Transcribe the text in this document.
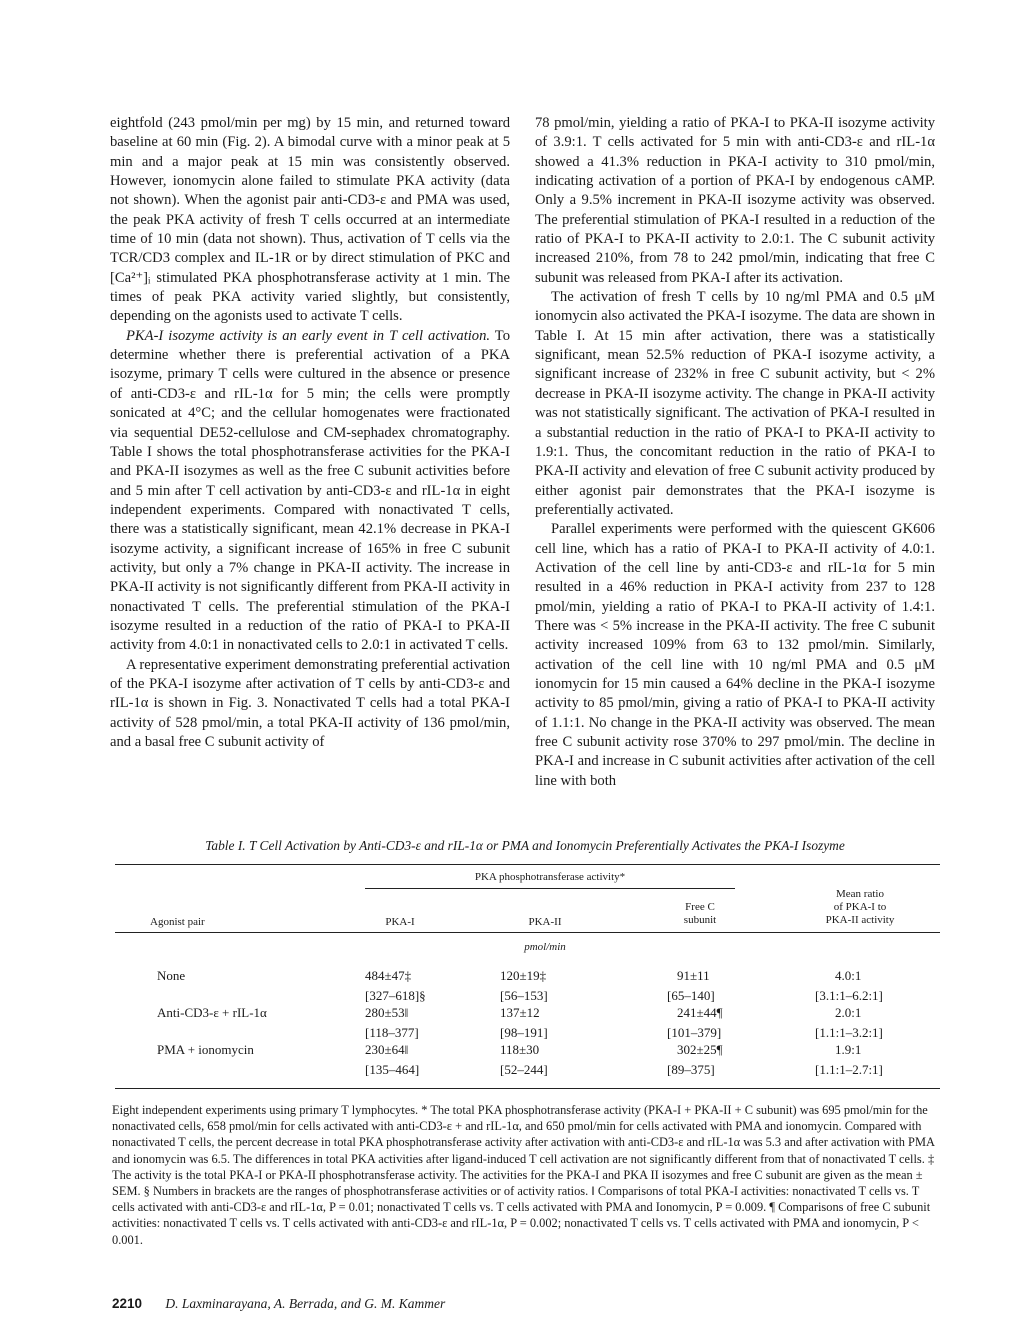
eightfold (243 pmol/min per mg) by 15 min, and returned toward baseline at 60 min (Fig. 2). A bimodal curve with a minor peak at 5 min and a major peak at 15 min was consistently observed. However, ionomycin alone failed to stimulate PKA activity (data not shown). When the agonist pair anti-CD3-ε and PMA was used, the peak PKA activity of fresh T cells occurred at an intermediate time of 10 min (data not shown). Thus, activation of T cells via the TCR/CD3 complex and IL-1R or by direct stimulation of PKC and [Ca²⁺]ᵢ stimulated PKA phosphotransferase activity at 1 min. The times of peak PKA activity varied slightly, but consistently, depending on the agonists used to activate T cells.

PKA-I isozyme activity is an early event in T cell activation. To determine whether there is preferential activation of a PKA isozyme, primary T cells were cultured in the absence or presence of anti-CD3-ε and rIL-1α for 5 min; the cells were promptly sonicated at 4°C; and the cellular homogenates were fractionated via sequential DE52-cellulose and CM-sephadex chromatography. Table I shows the total phosphotransferase activities for the PKA-I and PKA-II isozymes as well as the free C subunit activities before and 5 min after T cell activation by anti-CD3-ε and rIL-1α in eight independent experiments. Compared with nonactivated T cells, there was a statistically significant, mean 42.1% decrease in PKA-I isozyme activity, a significant increase of 165% in free C subunit activity, but only a 7% change in PKA-II activity. The increase in PKA-II activity is not significantly different from PKA-II activity in nonactivated T cells. The preferential stimulation of the PKA-I isozyme resulted in a reduction of the ratio of PKA-I to PKA-II activity from 4.0:1 in nonactivated cells to 2.0:1 in activated T cells.

A representative experiment demonstrating preferential activation of the PKA-I isozyme after activation of T cells by anti-CD3-ε and rIL-1α is shown in Fig. 3. Nonactivated T cells had a total PKA-I activity of 528 pmol/min, a total PKA-II activity of 136 pmol/min, and a basal free C subunit activity of

78 pmol/min, yielding a ratio of PKA-I to PKA-II isozyme activity of 3.9:1. T cells activated for 5 min with anti-CD3-ε and rIL-1α showed a 41.3% reduction in PKA-I activity to 310 pmol/min, indicating activation of a portion of PKA-I by endogenous cAMP. Only a 9.5% increment in PKA-II isozyme activity was observed. The preferential stimulation of PKA-I resulted in a reduction of the ratio of PKA-I to PKA-II activity to 2.0:1. The C subunit activity increased 210%, from 78 to 242 pmol/min, indicating that free C subunit was released from PKA-I after its activation.

The activation of fresh T cells by 10 ng/ml PMA and 0.5 μM ionomycin also activated the PKA-I isozyme. The data are shown in Table I. At 15 min after activation, there was a statistically significant, mean 52.5% reduction of PKA-I isozyme activity, a significant increase of 232% in free C subunit activity, but < 2% decrease in PKA-II isozyme activity. The change in PKA-II activity was not statistically significant. The activation of PKA-I resulted in a substantial reduction in the ratio of PKA-I to PKA-II activity to 1.9:1. Thus, the concomitant reduction in the ratio of PKA-I to PKA-II activity and elevation of free C subunit activity produced by either agonist pair demonstrates that the PKA-I isozyme is preferentially activated.

Parallel experiments were performed with the quiescent GK606 cell line, which has a ratio of PKA-I to PKA-II activity of 4.0:1. Activation of the cell line by anti-CD3-ε and rIL-1α for 5 min resulted in a 46% reduction in PKA-I activity from 237 to 128 pmol/min, yielding a ratio of PKA-I to PKA-II activity of 1.4:1. There was < 5% increase in the PKA-II activity. The free C subunit activity increased 109% from 63 to 132 pmol/min. Similarly, activation of the cell line with 10 ng/ml PMA and 0.5 μM ionomycin for 15 min caused a 64% decline in the PKA-I isozyme activity to 85 pmol/min, giving a ratio of PKA-I to PKA-II activity of 1.1:1. No change in the PKA-II activity was observed. The mean free C subunit activity rose 370% to 297 pmol/min. The decline in PKA-I and increase in C subunit activities after activation of the cell line with both

Table I. T Cell Activation by Anti-CD3-ε and rIL-1α or PMA and Ionomycin Preferentially Activates the PKA-I Isozyme
PKA phosphotransferase activity*
Agonist pair	PKA-I	PKA-II
Free C
subunit
Mean ratio
of PKA-I to
PKA-II activity
pmol/min
None	484±47‡	120±19‡	91±11	4.0:1
[327–618]§	[56–153]	[65–140]	[3.1:1–6.2:1]
Anti-CD3-ε + rIL-1α	280±53‖	137±12	241±44¶	2.0:1
[118–377]	[98–191]	[101–379]	[1.1:1–3.2:1]
PMA + ionomycin	230±64‖	118±30	302±25¶	1.9:1
[135–464]	[52–244]	[89–375]	[1.1:1–2.7:1]

Eight independent experiments using primary T lymphocytes. * The total PKA phosphotransferase activity (PKA-I + PKA-II + C subunit) was 695 pmol/min for the nonactivated cells, 658 pmol/min for cells activated with anti-CD3-ε + and rIL-1α, and 650 pmol/min for cells activated with PMA and ionomycin. Compared with nonactivated T cells, the percent decrease in total PKA phosphotransferase activity after activation with anti-CD3-ε and rIL-1α was 5.3 and after activation with PMA and ionomycin was 6.5. The differences in total PKA activities after ligand-induced T cell activation are not significantly different from that of nonactivated T cells. ‡ The activity is the total PKA-I or PKA-II phosphotransferase activity. The activities for the PKA-I and PKA II isozymes and free C subunit are given as the mean ± SEM. § Numbers in brackets are the ranges of phosphotransferase activities or of activity ratios. ‖ Comparisons of total PKA-I activities: nonactivated T cells vs. T cells activated with anti-CD3-ε and rIL-1α, P = 0.01; nonactivated T cells vs. T cells activated with PMA and Ionomycin, P = 0.009. ¶ Comparisons of free C subunit activities: nonactivated T cells vs. T cells activated with anti-CD3-ε and rIL-1α, P = 0.002; nonactivated T cells vs. T cells activated with PMA and ionomycin, P < 0.001.

2210 D. Laxminarayana, A. Berrada, and G. M. Kammer
